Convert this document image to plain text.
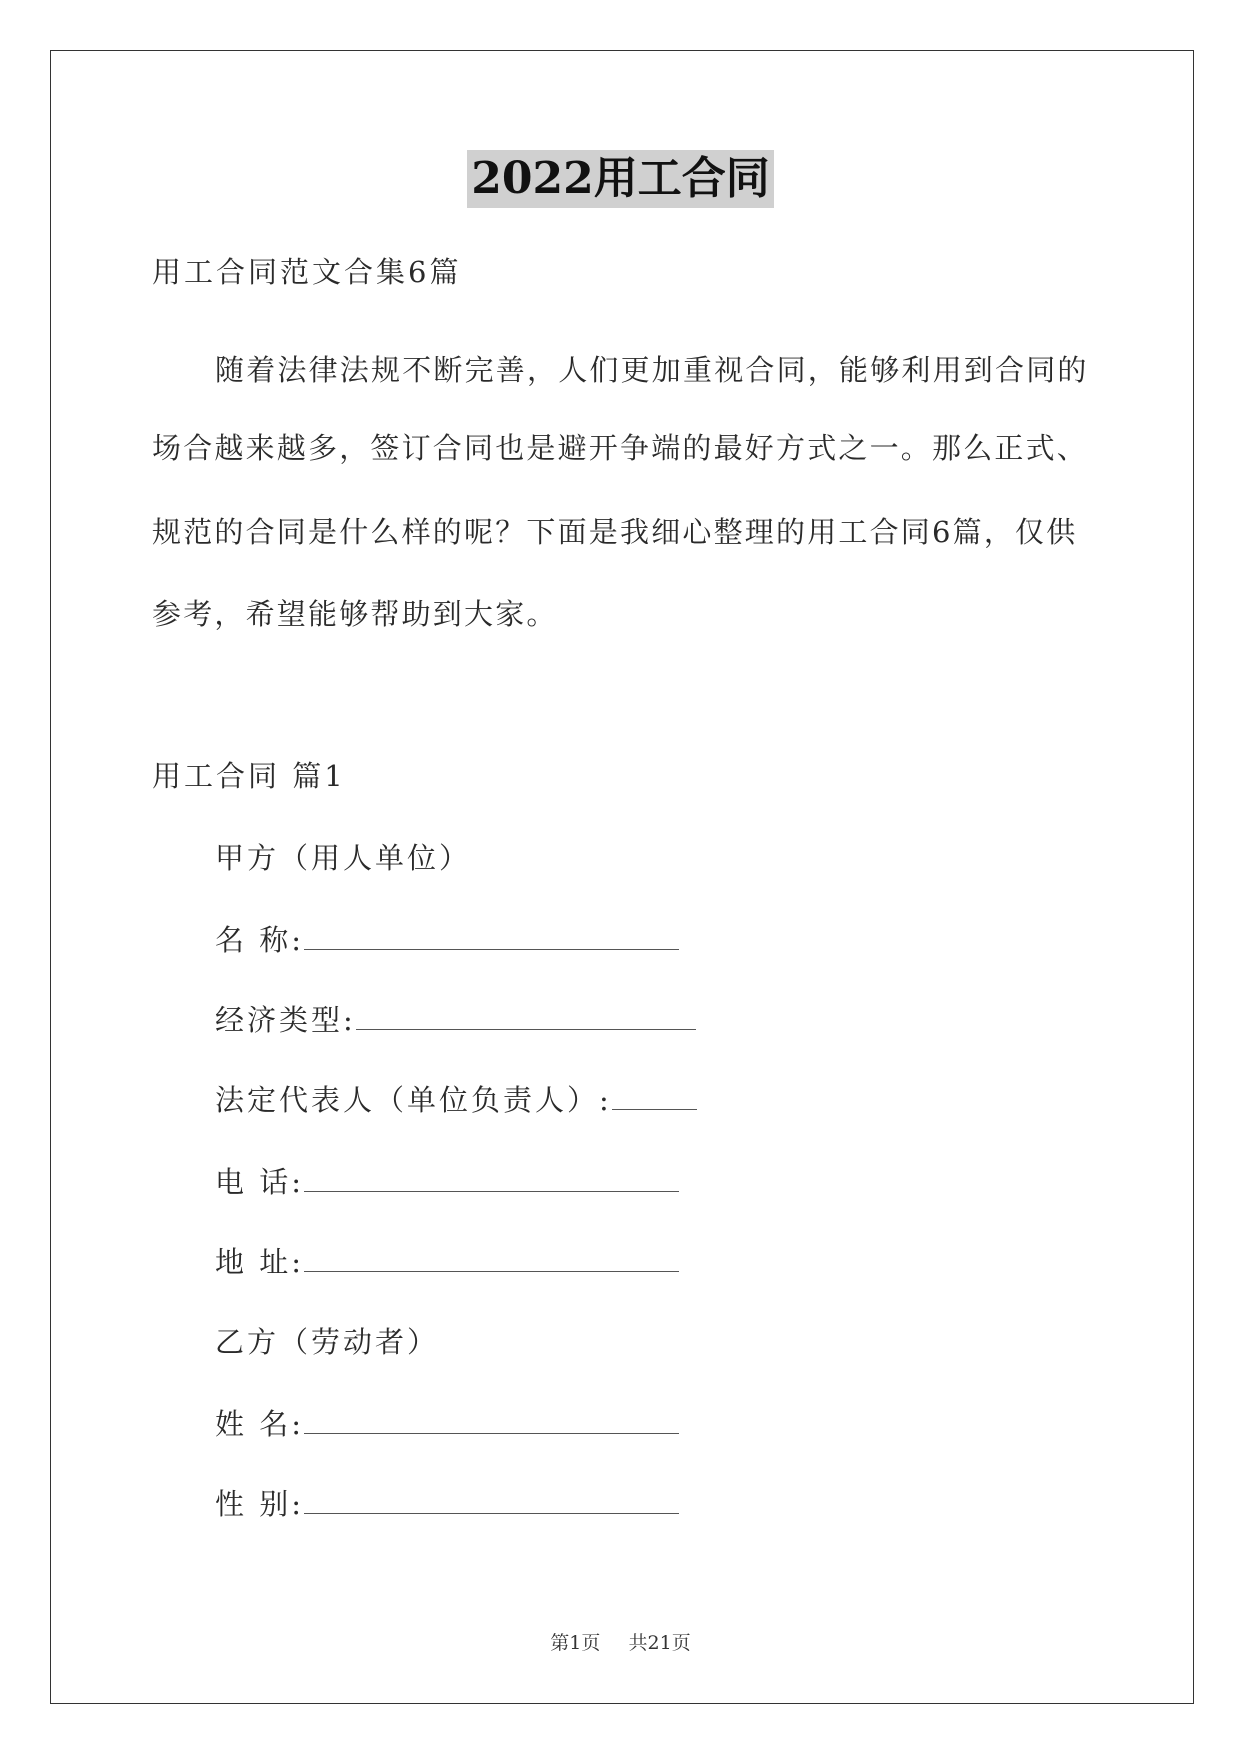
2022用工合同
用工合同范文合集6篇
随着法律法规不断完善，人们更加重视合同，能够利用到合同的
场合越来越多，签订合同也是避开争端的最好方式之一。那么正式、
规范的合同是什么样的呢？下面是我细心整理的用工合同6篇，仅供
参考，希望能够帮助到大家。
用工合同 篇1
甲方（用人单位）
名 称:
经济类型:
法定代表人（单位负责人）:
电 话:
地 址:
乙方（劳动者）
姓 名:
性 别:
第1页 共21页
